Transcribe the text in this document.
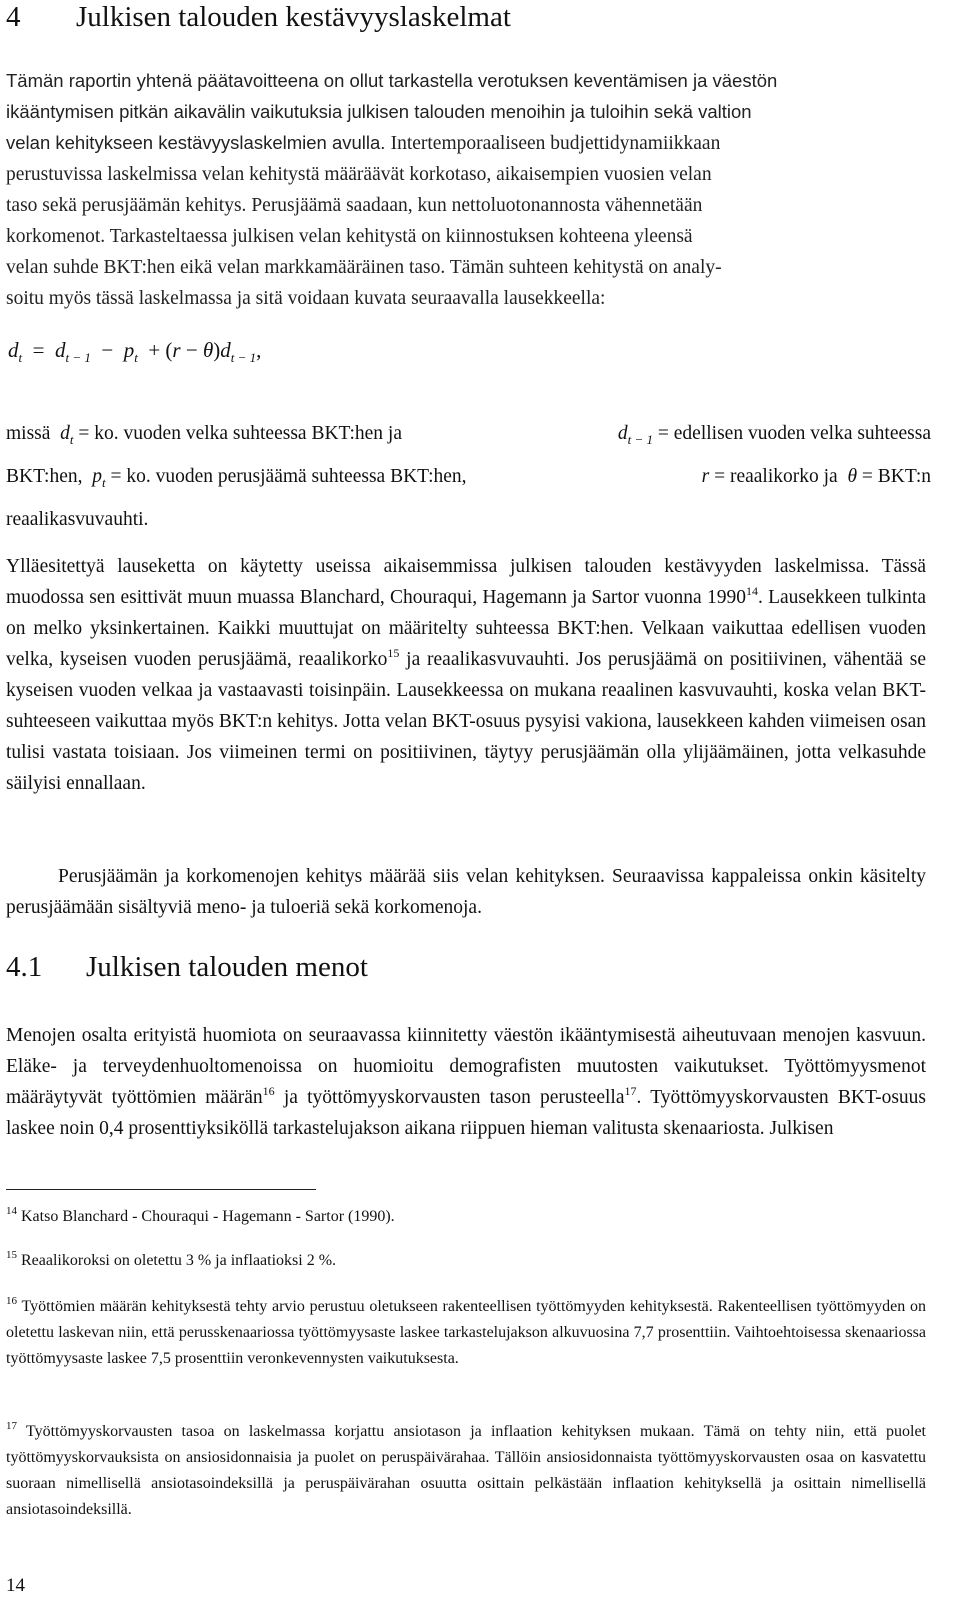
4 Julkisen talouden kestävyyslaskelmat
Tämän raportin yhtenä päätavoitteena on ollut tarkastella verotuksen keventämisen ja väestön
ikääntymisen pitkän aikavälin vaikutuksia julkisen talouden menoihin ja tuloihin sekä valtion
velan kehitykseen kestävyyslaskelmien avulla. Intertemporaaliseen budjettidynamiikkaan
perustuvissa laskelmissa velan kehitystä määräävät korkotaso, aikaisempien vuosien velan
taso sekä perusjäämän kehitys. Perusjäämä saadaan, kun nettoluotonannosta vähennetään
korkomenot. Tarkasteltaessa julkisen velan kehitystä on kiinnostuksen kohteena yleensä
velan suhde BKT:hen eikä velan markkamääräinen taso. Tämän suhteen kehitystä on analy-
soitu myös tässä laskelmassa ja sitä voidaan kuvata seuraavalla lausekkeella:
$d_t = d_{t - 1} - p_t + (r - \theta)d_{t - 1}$,
missä $d_t$ = ko. vuoden velka suhteessa BKT:hen ja	$d_{t - 1}$ = edellisen vuoden velka suhteessa
BKT:hen, $p_t$ = ko. vuoden perusjäämä suhteessa BKT:hen,	r = reaalikorko ja θ = BKT:n
reaalikasvuvauhti.
Ylläesitettyä lauseketta on käytetty useissa aikaisemmissa julkisen talouden kestävyyden laskelmissa. Tässä muodossa sen esittivät muun muassa Blanchard, Chouraqui, Hagemann ja Sartor vuonna 1990$^{14}$. Lausekkeen tulkinta on melko yksinkertainen. Kaikki muuttujat on määritelty suhteessa BKT:hen. Velkaan vaikuttaa edellisen vuoden velka, kyseisen vuoden perusjäämä, reaalikorko$^{15}$ ja reaalikasvuvauhti. Jos perusjäämä on positiivinen, vähentää se kyseisen vuoden velkaa ja vastaavasti toisinpäin. Lausekkeessa on mukana reaalinen kasvuvauhti, koska velan BKT-suhteeseen vaikuttaa myös BKT:n kehitys. Jotta velan BKT-osuus pysyisi vakiona, lausekkeen kahden viimeisen osan tulisi vastata toisiaan. Jos viimeinen termi on positiivinen, täytyy perusjäämän olla ylijäämäinen, jotta velkasuhde säilyisi ennallaan.
Perusjäämän ja korkomenojen kehitys määrää siis velan kehityksen. Seuraavissa kappaleissa onkin käsitelty perusjäämään sisältyviä meno- ja tuloeriä sekä korkomenoja.
4.1 Julkisen talouden menot
Menojen osalta erityistä huomiota on seuraavassa kiinnitetty väestön ikääntymisestä aiheutuvaan menojen kasvuun. Eläke- ja terveydenhuoltomenoissa on huomioitu demografisten muutosten vaikutukset. Työttömyysmenot määräytyvät työttömien määrän$^{16}$ ja työttömyyskorvausten tason perusteella$^{17}$. Työttömyyskorvausten BKT-osuus laskee noin 0,4 prosenttiyksiköllä tarkastelujakson aikana riippuen hieman valitusta skenaariosta. Julkisen
$^{14}$ Katso Blanchard - Chouraqui - Hagemann - Sartor (1990).
$^{15}$ Reaalikoroksi on oletettu 3 % ja inflaatioksi 2 %.
$^{16}$ Työttömien määrän kehityksestä tehty arvio perustuu oletukseen rakenteellisen työttömyyden kehityksestä. Rakenteellisen työttömyyden on oletettu laskevan niin, että perusskenaariossa työttömyysaste laskee tarkastelujakson alkuvuosina 7,7 prosenttiin. Vaihtoehtoisessa skenaariossa työttömyysaste laskee 7,5 prosenttiin veronkevennysten vaikutuksesta.
$^{17}$ Työttömyyskorvausten tasoa on laskelmassa korjattu ansiotason ja inflaation kehityksen mukaan. Tämä on tehty niin, että puolet työttömyyskorvauksista on ansiosidonnaisia ja puolet on peruspäivärahaa. Tällöin ansiosidonnaista työttömyyskorvausten osaa on kasvatettu suoraan nimellisellä ansiotasoindeksillä ja peruspäivärahan osuutta osittain pelkästään inflaation kehityksellä ja osittain nimellisellä ansiotasoindeksillä.
14
